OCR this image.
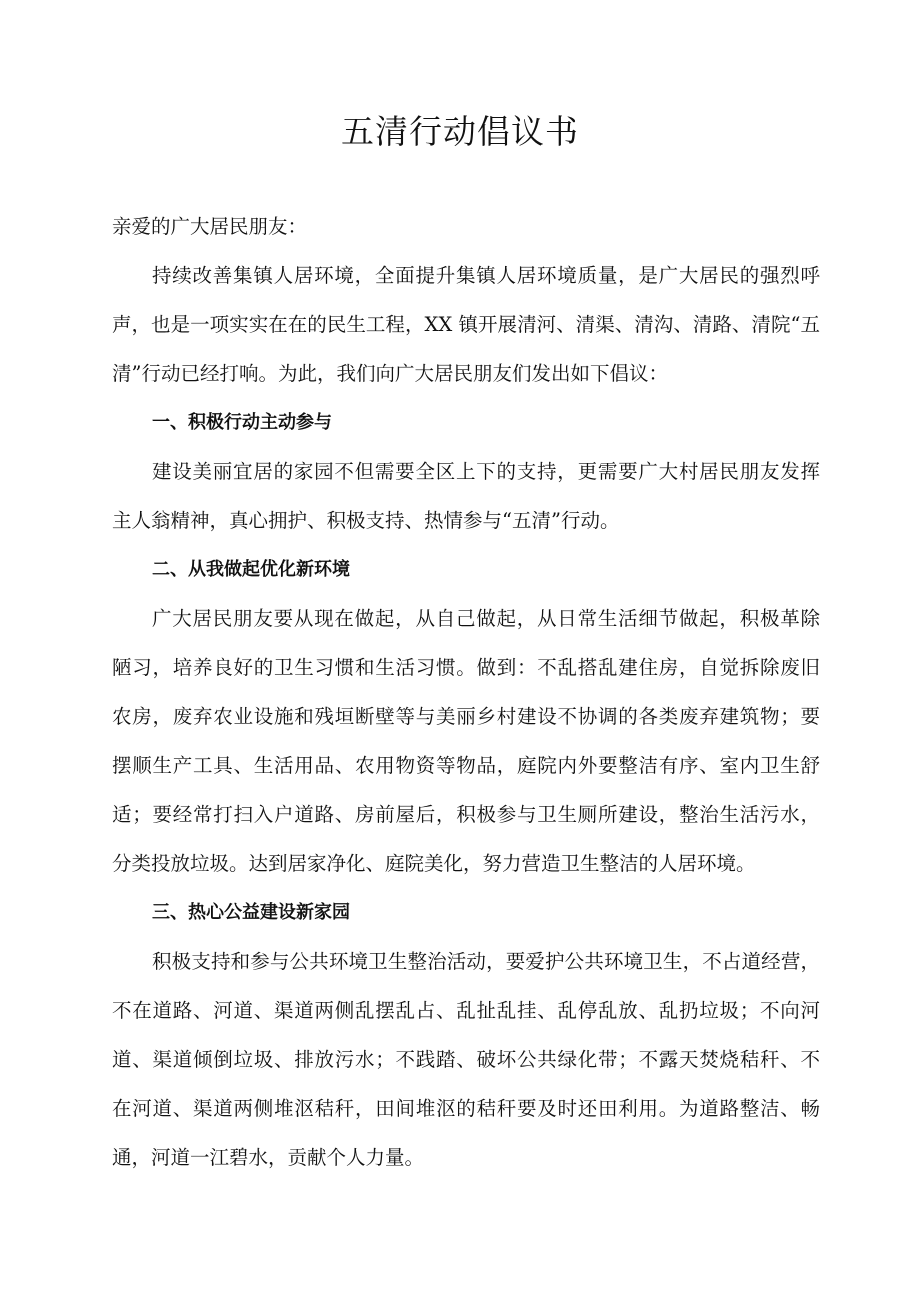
五清行动倡议书
亲爱的广大居民朋友：
持续改善集镇人居环境，全面提升集镇人居环境质量，是广大居民的强烈呼
声，也是一项实实在在的民生工程，XX 镇开展清河、清渠、清沟、清路、清院“五
清”行动已经打响。为此，我们向广大居民朋友们发出如下倡议：
一、积极行动主动参与
建设美丽宜居的家园不但需要全区上下的支持，更需要广大村居民朋友发挥
主人翁精神，真心拥护、积极支持、热情参与“五清”行动。
二、从我做起优化新环境
广大居民朋友要从现在做起，从自己做起，从日常生活细节做起，积极革除
陋习，培养良好的卫生习惯和生活习惯。做到：不乱搭乱建住房，自觉拆除废旧
农房，废弃农业设施和残垣断壁等与美丽乡村建设不协调的各类废弃建筑物；要
摆顺生产工具、生活用品、农用物资等物品，庭院内外要整洁有序、室内卫生舒
适；要经常打扫入户道路、房前屋后，积极参与卫生厕所建设，整治生活污水，
分类投放垃圾。达到居家净化、庭院美化，努力营造卫生整洁的人居环境。
三、热心公益建设新家园
积极支持和参与公共环境卫生整治活动，要爱护公共环境卫生，不占道经营，
不在道路、河道、渠道两侧乱摆乱占、乱扯乱挂、乱停乱放、乱扔垃圾；不向河
道、渠道倾倒垃圾、排放污水；不践踏、破坏公共绿化带；不露天焚烧秸秆、不
在河道、渠道两侧堆沤秸秆，田间堆沤的秸秆要及时还田利用。为道路整洁、畅
通，河道一江碧水，贡献个人力量。
